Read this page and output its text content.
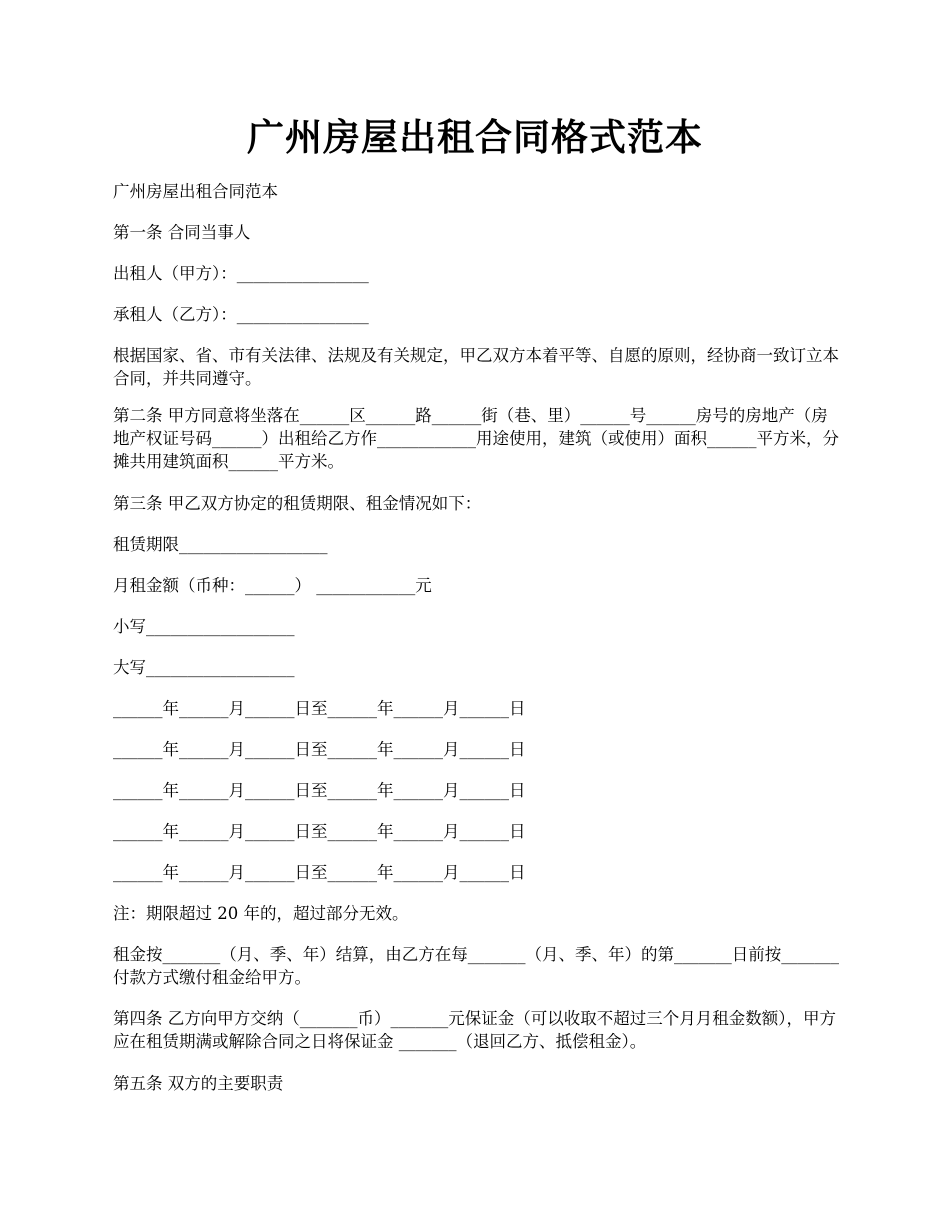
广州房屋出租合同格式范本

广州房屋出租合同范本

第一条 合同当事人

出租人（甲方）：________________

承租人（乙方）：________________

根据国家、省、市有关法律、法规及有关规定，甲乙双方本着平等、自愿的原则，经协商一致订立本合同，并共同遵守。

第二条 甲方同意将坐落在______区______路______街（巷、里）______号______房号的房地产（房地产权证号码______）出租给乙方作____________用途使用，建筑（或使用）面积______平方米，分摊共用建筑面积______平方米。

第三条 甲乙双方协定的租赁期限、租金情况如下：

租赁期限__________________

月租金额（币种：______） ____________元

小写__________________

大写__________________

______年______月______日至______年______月______日

______年______月______日至______年______月______日

______年______月______日至______年______月______日

______年______月______日至______年______月______日

______年______月______日至______年______月______日

注：期限超过 20 年的，超过部分无效。

租金按_______（月、季、年）结算，由乙方在每_______（月、季、年）的第_______日前按_______付款方式缴付租金给甲方。

第四条 乙方向甲方交纳（_______币）_______元保证金（可以收取不超过三个月月租金数额），甲方应在租赁期满或解除合同之日将保证金 _______（退回乙方、抵偿租金）。

第五条 双方的主要职责
